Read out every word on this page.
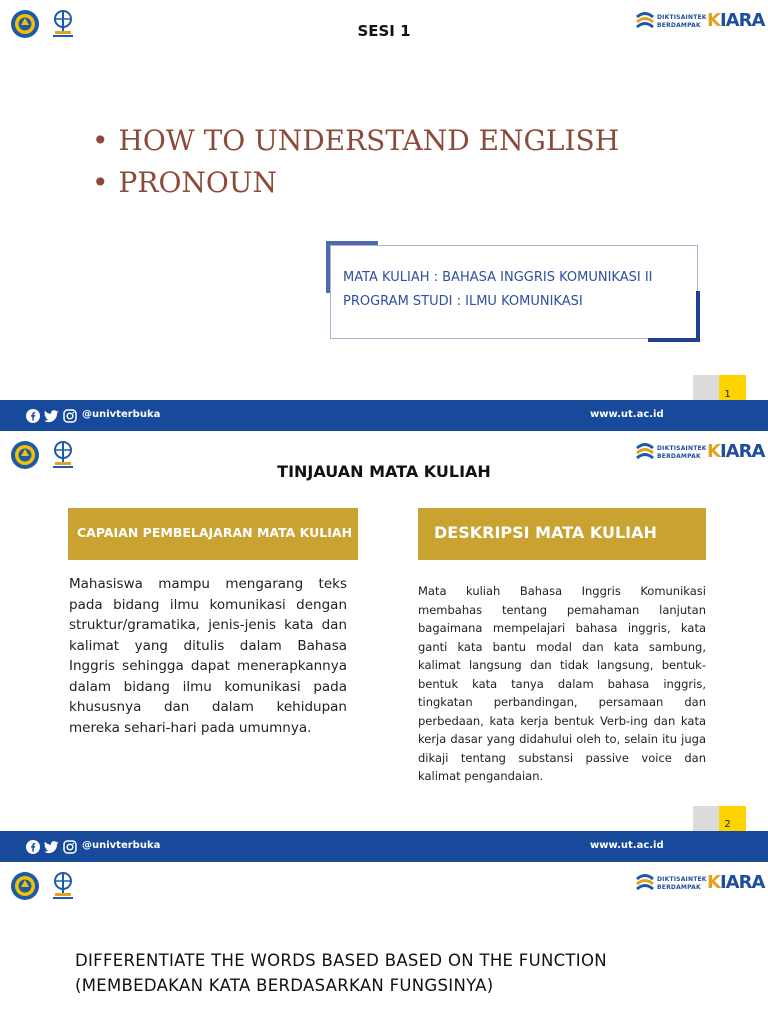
DIKTISAINTEK
BERDAMPAK KIARA
SESI 1
• HOW TO UNDERSTAND ENGLISH
• PRONOUN
MATA KULIAH : BAHASA INGGRIS KOMUNIKASI II
PROGRAM STUDI : ILMU KOMUNIKASI
1
@univterbuka	www.ut.ac.id
DIKTISAINTEK
BERDAMPAK KIARA
TINJAUAN MATA KULIAH
CAPAIAN PEMBELAJARAN MATA KULIAH	DESKRIPSI MATA KULIAH

Mahasiswa mampu mengarang teks pada bidang ilmu komunikasi dengan struktur/gramatika, jenis-jenis kata dan kalimat yang ditulis dalam Bahasa Inggris sehingga dapat menerapkannya dalam bidang ilmu komunikasi pada khususnya dan dalam kehidupan mereka sehari-hari pada umumnya.

Mata kuliah Bahasa Inggris Komunikasi membahas tentang pemahaman lanjutan bagaimana mempelajari bahasa inggris, kata ganti kata bantu modal dan kata sambung, kalimat langsung dan tidak langsung, bentuk-bentuk kata tanya dalam bahasa inggris, tingkatan perbandingan, persamaan dan perbedaan, kata kerja bentuk Verb-ing dan kata kerja dasar yang didahului oleh to, selain itu juga dikaji tentang substansi passive voice dan kalimat pengandaian.

2
@univterbuka	www.ut.ac.id
DIKTISAINTEK
BERDAMPAK KIARA
DIFFERENTIATE THE WORDS BASED BASED ON THE FUNCTION
(MEMBEDAKAN KATA BERDASARKAN FUNGSINYA)
